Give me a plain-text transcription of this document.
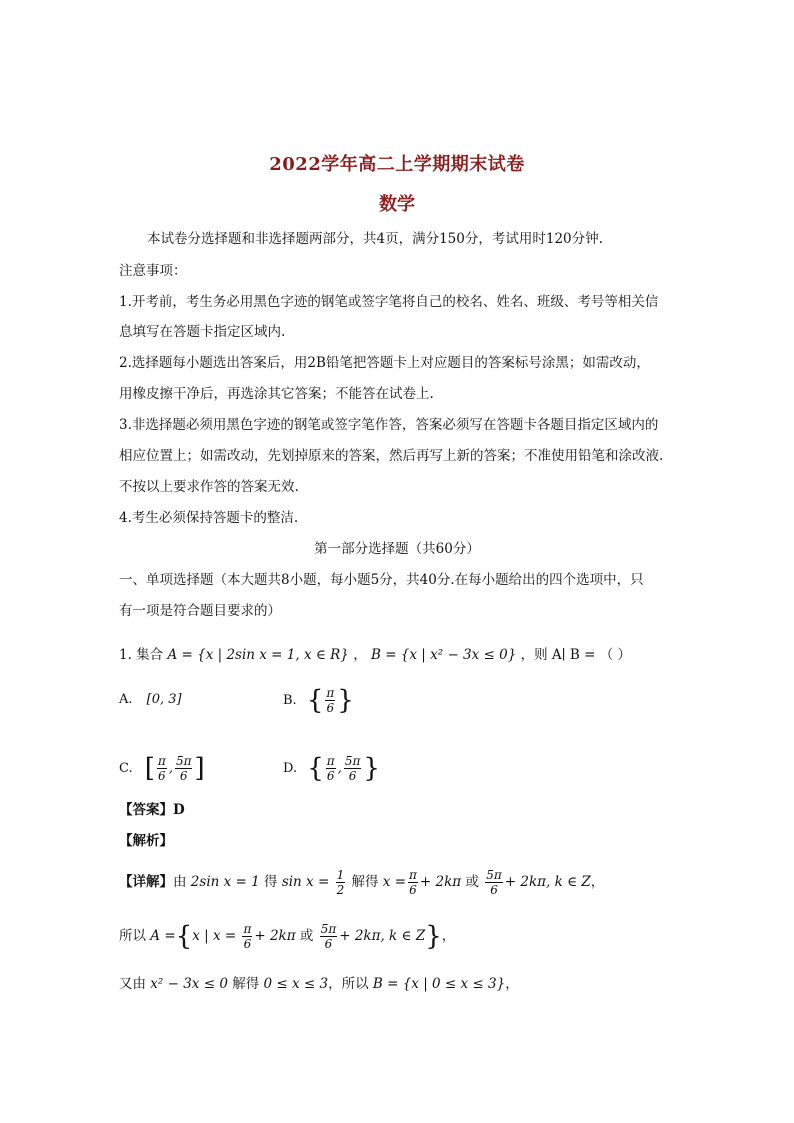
2022学年高二上学期期末试卷
数学
本试卷分选择题和非选择题两部分，共4页，满分150分，考试用时120分钟.
注意事项：
1.开考前，考生务必用黑色字迹的钢笔或签字笔将自己的校名、姓名、班级、考号等相关信
息填写在答题卡指定区域内.
2.选择题每小题选出答案后，用2B铅笔把答题卡上对应题目的答案标号涂黑；如需改动，
用橡皮擦干净后，再选涂其它答案；不能答在试卷上.
3.非选择题必须用黑色字迹的钢笔或签字笔作答，答案必须写在答题卡各题目指定区域内的
相应位置上；如需改动，先划掉原来的答案，然后再写上新的答案；不准使用铅笔和涂改液.
不按以上要求作答的答案无效.
4.考生必须保持答题卡的整洁.
第一部分选择题（共60分）
一、单项选择题（本大题共8小题，每小题5分，共40分.在每小题给出的四个选项中，只
有一项是符合题目要求的）
1. 集合 A = {x | 2sin x = 1, x ∈ R} ， B = {x | x² − 3x ≤ 0} ，则 A∣ B = （ ）
A. [0, 3]	B. { $\frac{\pi}{6}$ }
C. [ $\frac{\pi}{6}$ , $\frac{5\pi}{6}$ ]	D. { $\frac{\pi}{6}$ , $\frac{5\pi}{6}$ }
【答案】D
【解析】
【详解】由 2sin x = 1 得 $\sin x = \frac{1}{2}$ 解得 $x = \frac{\pi}{6} + 2k\pi$ 或 $\frac{5\pi}{6} + 2k\pi$, k ∈ Z，
所以 A ={x | $x = \frac{\pi}{6} + 2k\pi$ 或 $\frac{5\pi}{6} + 2k\pi$, k ∈ Z}，
又由 x² − 3x ≤ 0 解得 0 ≤ x ≤ 3，所以 B = {x | 0 ≤ x ≤ 3}，
